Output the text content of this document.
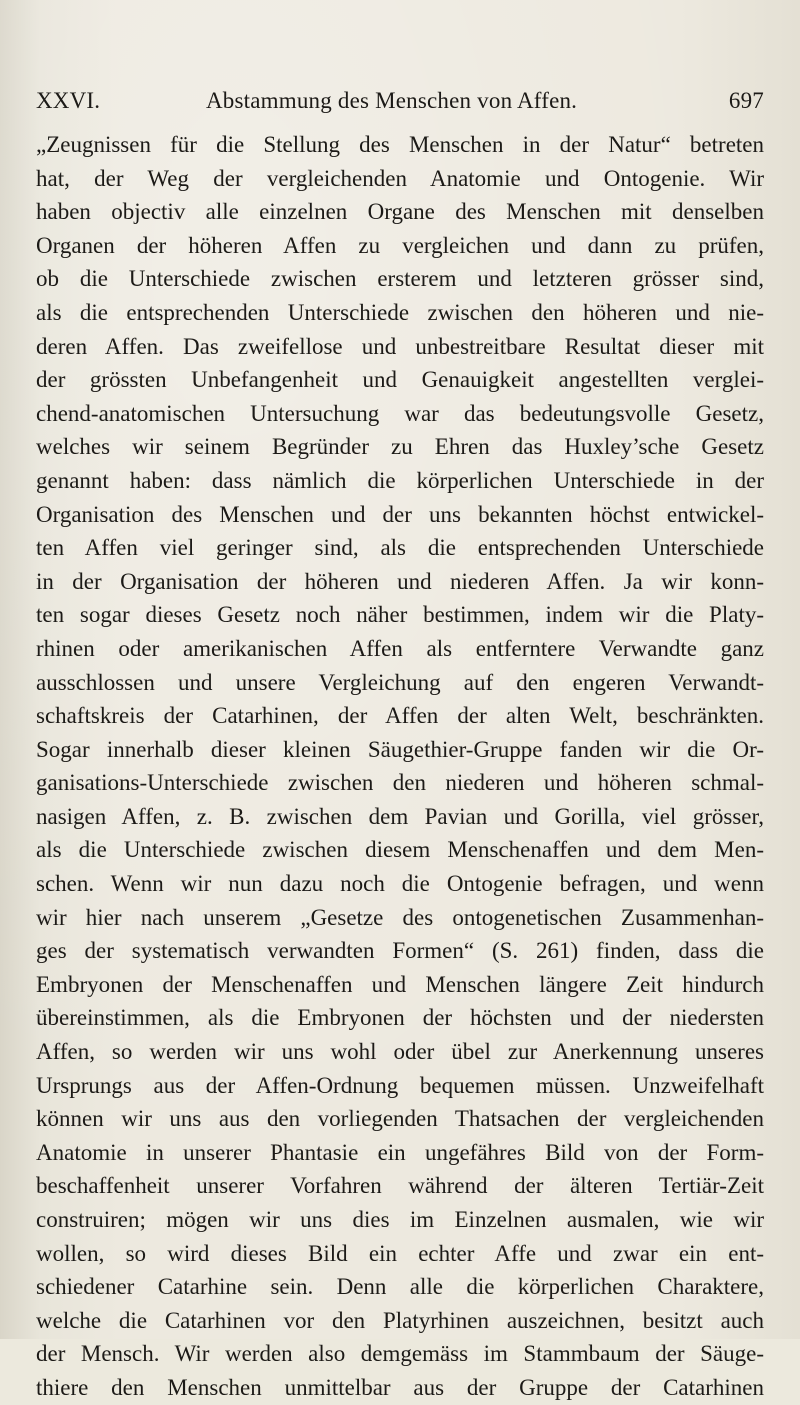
XXVI.	Abstammung des Menschen von Affen.	697
„Zeugnissen für die Stellung des Menschen in der Natur“ betreten
hat, der Weg der vergleichenden Anatomie und Ontogenie. Wir
haben objectiv alle einzelnen Organe des Menschen mit denselben
Organen der höheren Affen zu vergleichen und dann zu prüfen,
ob die Unterschiede zwischen ersterem und letzteren grösser sind,
als die entsprechenden Unterschiede zwischen den höheren und nie-
deren Affen. Das zweifellose und unbestreitbare Resultat dieser mit
der grössten Unbefangenheit und Genauigkeit angestellten verglei-
chend-anatomischen Untersuchung war das bedeutungsvolle Gesetz,
welches wir seinem Begründer zu Ehren das Huxley’sche Gesetz
genannt haben: dass nämlich die körperlichen Unterschiede in der
Organisation des Menschen und der uns bekannten höchst entwickel-
ten Affen viel geringer sind, als die entsprechenden Unterschiede
in der Organisation der höheren und niederen Affen. Ja wir konn-
ten sogar dieses Gesetz noch näher bestimmen, indem wir die Platy-
rhinen oder amerikanischen Affen als entferntere Verwandte ganz
ausschlossen und unsere Vergleichung auf den engeren Verwandt-
schaftskreis der Catarhinen, der Affen der alten Welt, beschränkten.
Sogar innerhalb dieser kleinen Säugethier-Gruppe fanden wir die Or-
ganisations-Unterschiede zwischen den niederen und höheren schmal-
nasigen Affen, z. B. zwischen dem Pavian und Gorilla, viel grösser,
als die Unterschiede zwischen diesem Menschenaffen und dem Men-
schen. Wenn wir nun dazu noch die Ontogenie befragen, und wenn
wir hier nach unserem „Gesetze des ontogenetischen Zusammenhan-
ges der systematisch verwandten Formen“ (S. 261) finden, dass die
Embryonen der Menschenaffen und Menschen längere Zeit hindurch
übereinstimmen, als die Embryonen der höchsten und der niedersten
Affen, so werden wir uns wohl oder übel zur Anerkennung unseres
Ursprungs aus der Affen-Ordnung bequemen müssen. Unzweifelhaft
können wir uns aus den vorliegenden Thatsachen der vergleichenden
Anatomie in unserer Phantasie ein ungefähres Bild von der Form-
beschaffenheit unserer Vorfahren während der älteren Tertiär-Zeit
construiren; mögen wir uns dies im Einzelnen ausmalen, wie wir
wollen, so wird dieses Bild ein echter Affe und zwar ein ent-
schiedener Catarhine sein. Denn alle die körperlichen Charaktere,
welche die Catarhinen vor den Platyrhinen auszeichnen, besitzt auch
der Mensch. Wir werden also demgemäss im Stammbaum der Säuge-
thiere den Menschen unmittelbar aus der Gruppe der Catarhinen
